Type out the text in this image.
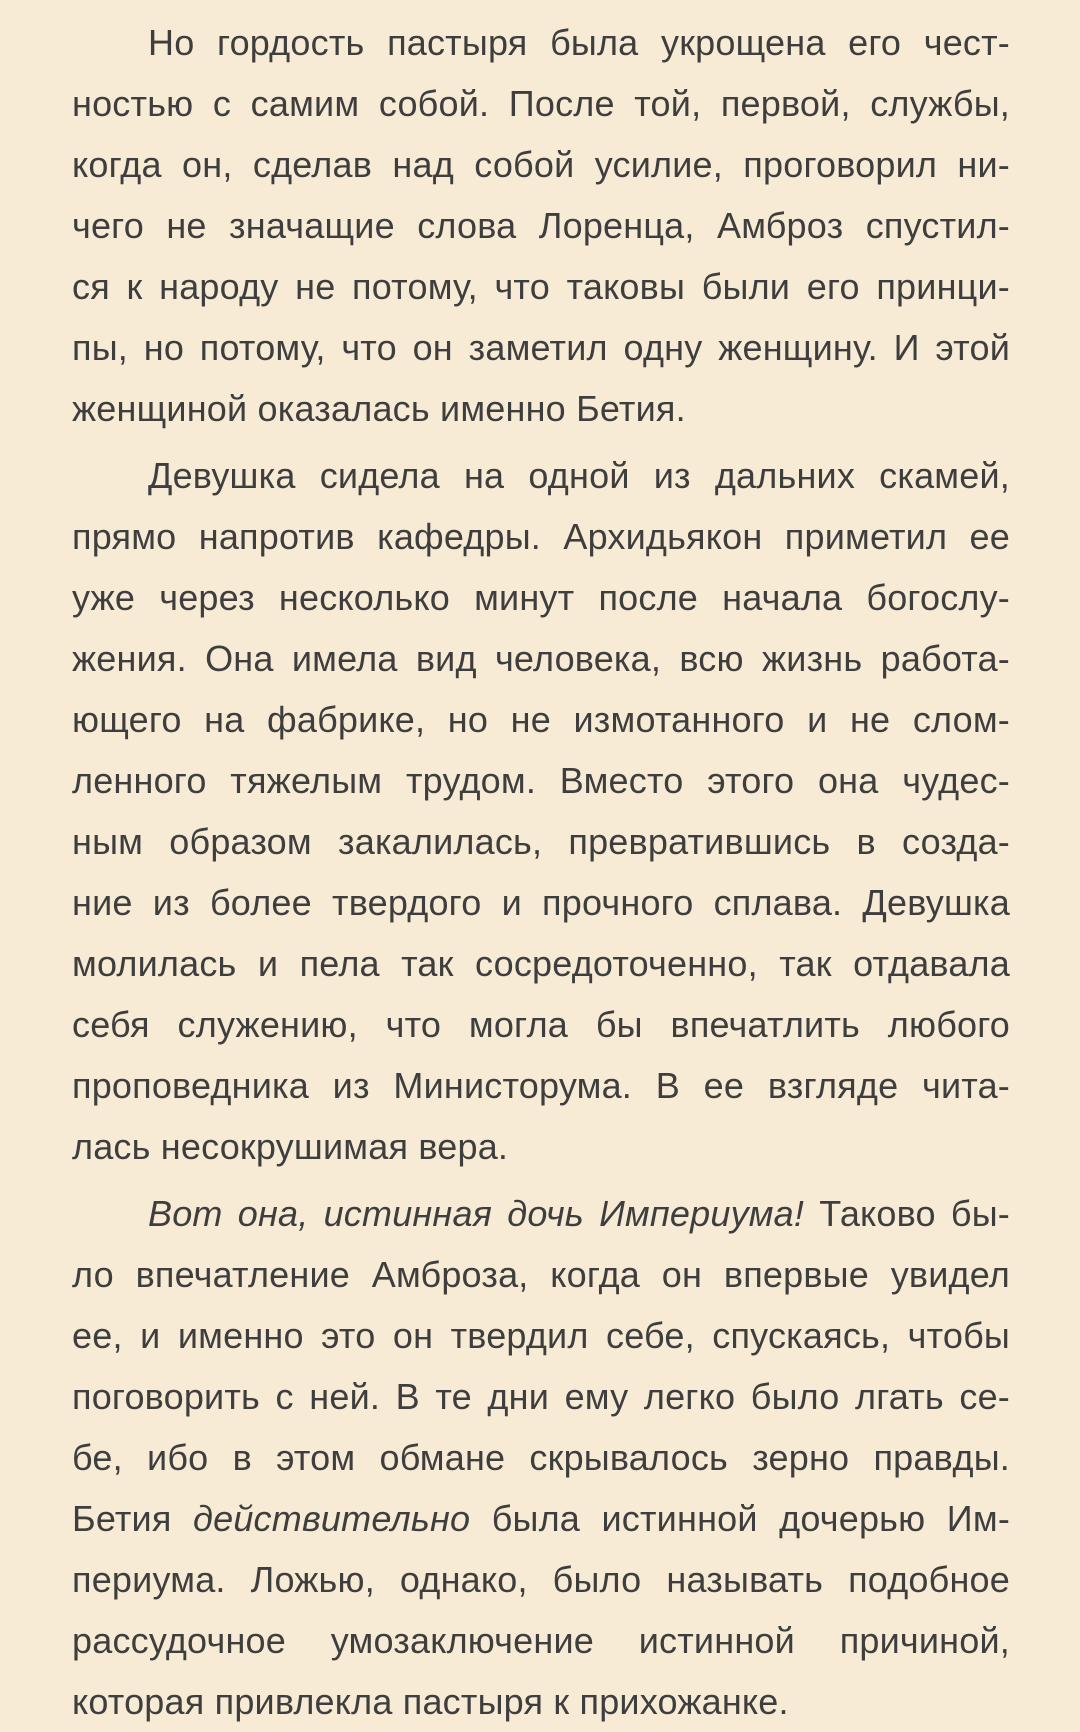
Но гордость пастыря была укрощена его чест-
ностью с самим собой. После той, первой, службы,
когда он, сделав над собой усилие, проговорил ни-
чего не значащие слова Лоренца, Амброз спустил-
ся к народу не потому, что таковы были его принци-
пы, но потому, что он заметил одну женщину. И этой
женщиной оказалась именно Бетия.
Девушка сидела на одной из дальних скамей,
прямо напротив кафедры. Архидьякон приметил ее
уже через несколько минут после начала богослу-
жения. Она имела вид человека, всю жизнь работа-
ющего на фабрике, но не измотанного и не слом-
ленного тяжелым трудом. Вместо этого она чудес-
ным образом закалилась, превратившись в созда-
ние из более твердого и прочного сплава. Девушка
молилась и пела так сосредоточенно, так отдавала
себя служению, что могла бы впечатлить любого
проповедника из Министорума. В ее взгляде чита-
лась несокрушимая вера.
Вот она, истинная дочь Империума! Таково бы-
ло впечатление Амброза, когда он впервые увидел
ее, и именно это он твердил себе, спускаясь, чтобы
поговорить с ней. В те дни ему легко было лгать се-
бе, ибо в этом обмане скрывалось зерно правды.
Бетия действительно была истинной дочерью Им-
периума. Ложью, однако, было называть подобное
рассудочное умозаключение истинной причиной,
которая привлекла пастыря к прихожанке.
